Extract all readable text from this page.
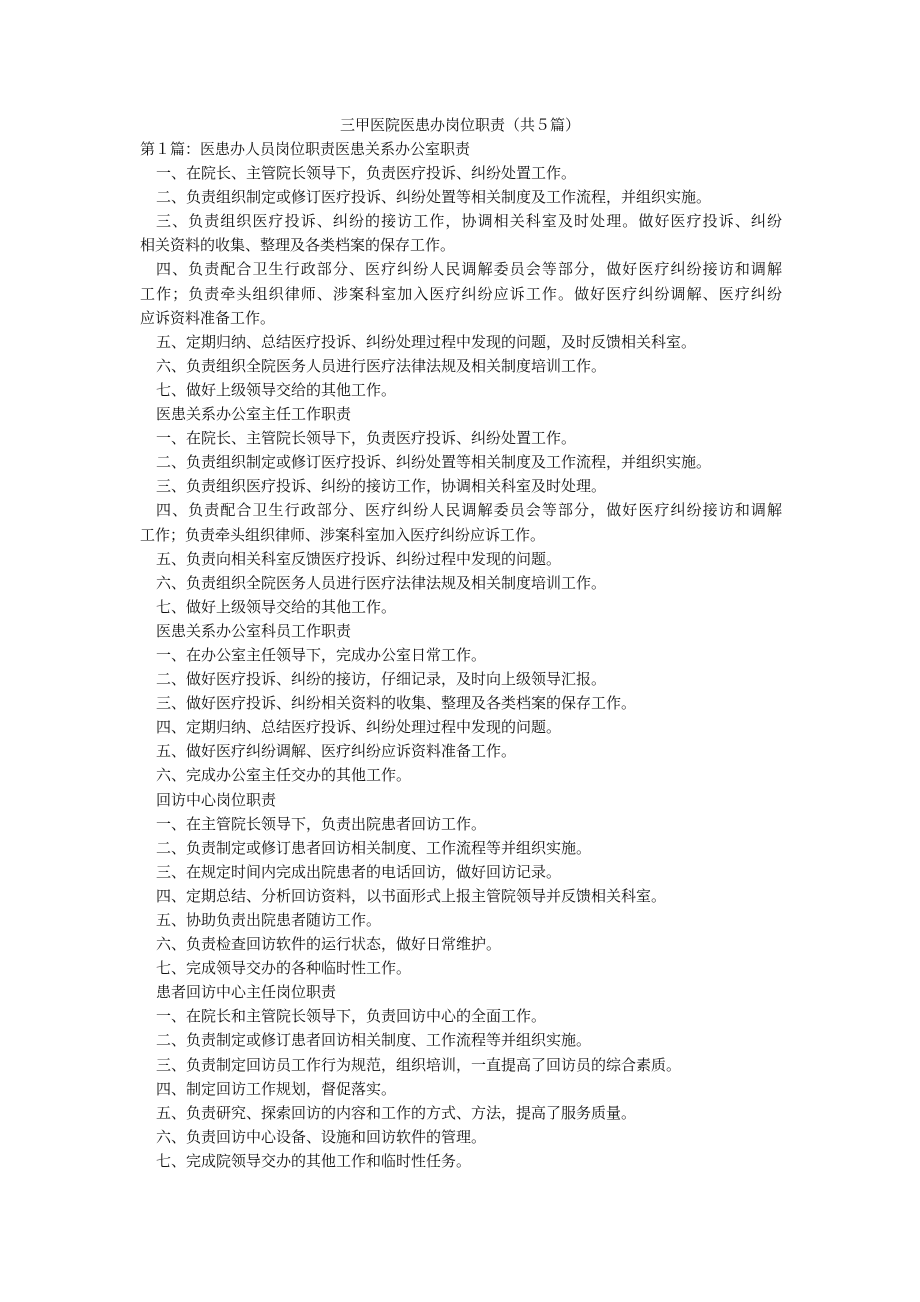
三甲医院医患办岗位职责（共５篇）
第１篇：医患办人员岗位职责医患关系办公室职责
一、在院长、主管院长领导下，负责医疗投诉、纠纷处置工作。
二、负责组织制定或修订医疗投诉、纠纷处置等相关制度及工作流程，并组织实施。
三、负责组织医疗投诉、纠纷的接访工作，协调相关科室及时处理。做好医疗投诉、纠纷
相关资料的收集、整理及各类档案的保存工作。
四、负责配合卫生行政部分、医疗纠纷人民调解委员会等部分，做好医疗纠纷接访和调解
工作；负责牵头组织律师、涉案科室加入医疗纠纷应诉工作。做好医疗纠纷调解、医疗纠纷
应诉资料准备工作。
五、定期归纳、总结医疗投诉、纠纷处理过程中发现的问题，及时反馈相关科室。
六、负责组织全院医务人员进行医疗法律法规及相关制度培训工作。
七、做好上级领导交给的其他工作。
医患关系办公室主任工作职责
一、在院长、主管院长领导下，负责医疗投诉、纠纷处置工作。
二、负责组织制定或修订医疗投诉、纠纷处置等相关制度及工作流程，并组织实施。
三、负责组织医疗投诉、纠纷的接访工作，协调相关科室及时处理。
四、负责配合卫生行政部分、医疗纠纷人民调解委员会等部分，做好医疗纠纷接访和调解
工作；负责牵头组织律师、涉案科室加入医疗纠纷应诉工作。
五、负责向相关科室反馈医疗投诉、纠纷过程中发现的问题。
六、负责组织全院医务人员进行医疗法律法规及相关制度培训工作。
七、做好上级领导交给的其他工作。
医患关系办公室科员工作职责
一、在办公室主任领导下，完成办公室日常工作。
二、做好医疗投诉、纠纷的接访，仔细记录，及时向上级领导汇报。
三、做好医疗投诉、纠纷相关资料的收集、整理及各类档案的保存工作。
四、定期归纳、总结医疗投诉、纠纷处理过程中发现的问题。
五、做好医疗纠纷调解、医疗纠纷应诉资料准备工作。
六、完成办公室主任交办的其他工作。
回访中心岗位职责
一、在主管院长领导下，负责出院患者回访工作。
二、负责制定或修订患者回访相关制度、工作流程等并组织实施。
三、在规定时间内完成出院患者的电话回访，做好回访记录。
四、定期总结、分析回访资料，以书面形式上报主管院领导并反馈相关科室。
五、协助负责出院患者随访工作。
六、负责检查回访软件的运行状态，做好日常维护。
七、完成领导交办的各种临时性工作。
患者回访中心主任岗位职责
一、在院长和主管院长领导下，负责回访中心的全面工作。
二、负责制定或修订患者回访相关制度、工作流程等并组织实施。
三、负责制定回访员工作行为规范，组织培训，一直提高了回访员的综合素质。
四、制定回访工作规划，督促落实。
五、负责研究、探索回访的内容和工作的方式、方法，提高了服务质量。
六、负责回访中心设备、设施和回访软件的管理。
七、完成院领导交办的其他工作和临时性任务。
